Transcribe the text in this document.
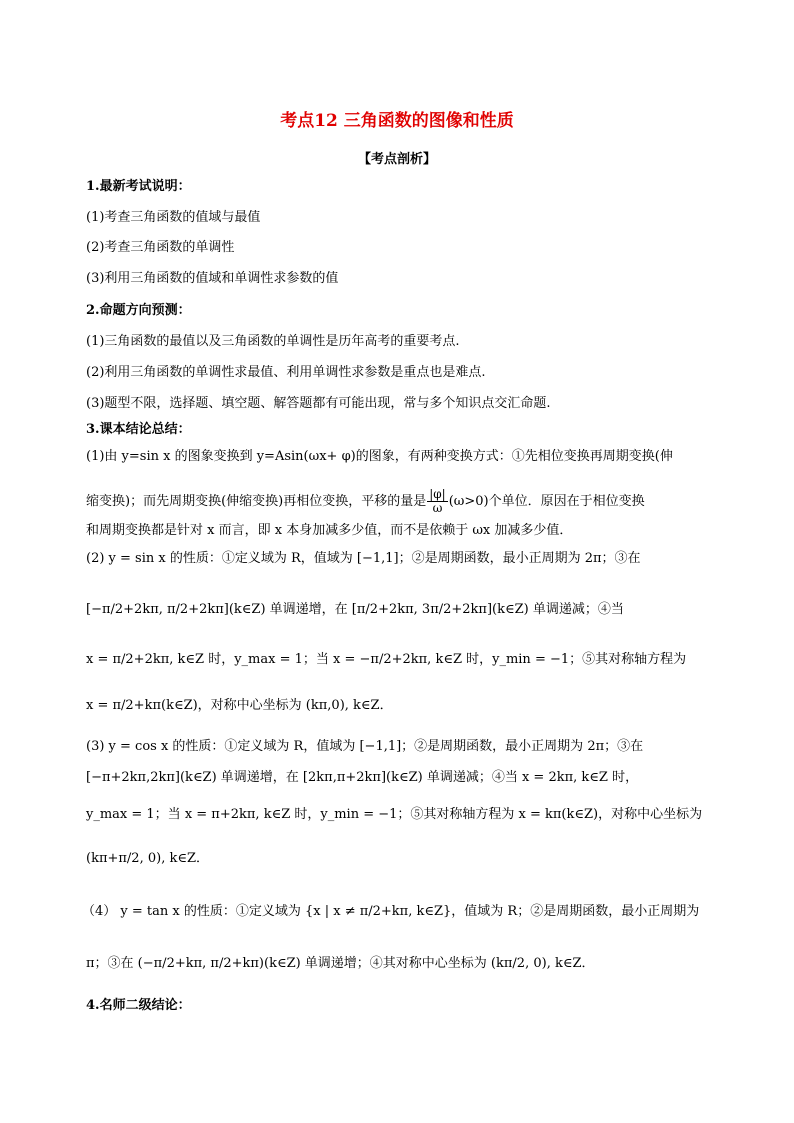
考点12 三角函数的图像和性质
【考点剖析】
1.最新考试说明：
(1)考查三角函数的值域与最值
(2)考查三角函数的单调性
(3)利用三角函数的值域和单调性求参数的值
2.命题方向预测：
(1)三角函数的最值以及三角函数的单调性是历年高考的重要考点.
(2)利用三角函数的单调性求最值、利用单调性求参数是重点也是难点.
(3)题型不限，选择题、填空题、解答题都有可能出现，常与多个知识点交汇命题.
3.课本结论总结：
(1)由 y=sin x 的图象变换到 y=Asin(ωx+ φ)的图象，有两种变换方式：①先相位变换再周期变换(伸
缩变换)；而先周期变换(伸缩变换)再相位变换，平移的量是 $\frac{|\varphi|}{\omega} (\omega>0)$个单位．原因在于相位变换
和周期变换都是针对 x 而言，即 x 本身加减多少值，而不是依赖于 ωx 加减多少值．
(2) y = sin x 的性质：①定义域为 R，值域为 [−1,1]；②是周期函数，最小正周期为 2π；③在
[−π/2+2kπ, π/2+2kπ](k∈Z) 单调递增，在 [π/2+2kπ, 3π/2+2kπ](k∈Z) 单调递减；④当
x = π/2+2kπ, k∈Z 时，y_max = 1；当 x = −π/2+2kπ, k∈Z 时，y_min = −1；⑤其对称轴方程为
x = π/2+kπ(k∈Z)，对称中心坐标为 (kπ,0), k∈Z．
(3) y = cos x 的性质：①定义域为 R，值域为 [−1,1]；②是周期函数，最小正周期为 2π；③在
[−π+2kπ,2kπ](k∈Z) 单调递增，在 [2kπ,π+2kπ](k∈Z) 单调递减；④当 x = 2kπ, k∈Z 时，
y_max = 1；当 x = π+2kπ, k∈Z 时，y_min = −1；⑤其对称轴方程为 x = kπ(k∈Z)，对称中心坐标为
(kπ+π/2, 0), k∈Z．
（4） y = tan x 的性质：①定义域为 {x | x ≠ π/2+kπ, k∈Z}，值域为 R；②是周期函数，最小正周期为
π；③在 (−π/2+kπ, π/2+kπ)(k∈Z) 单调递增；④其对称中心坐标为 (kπ/2, 0), k∈Z．
4.名师二级结论：
